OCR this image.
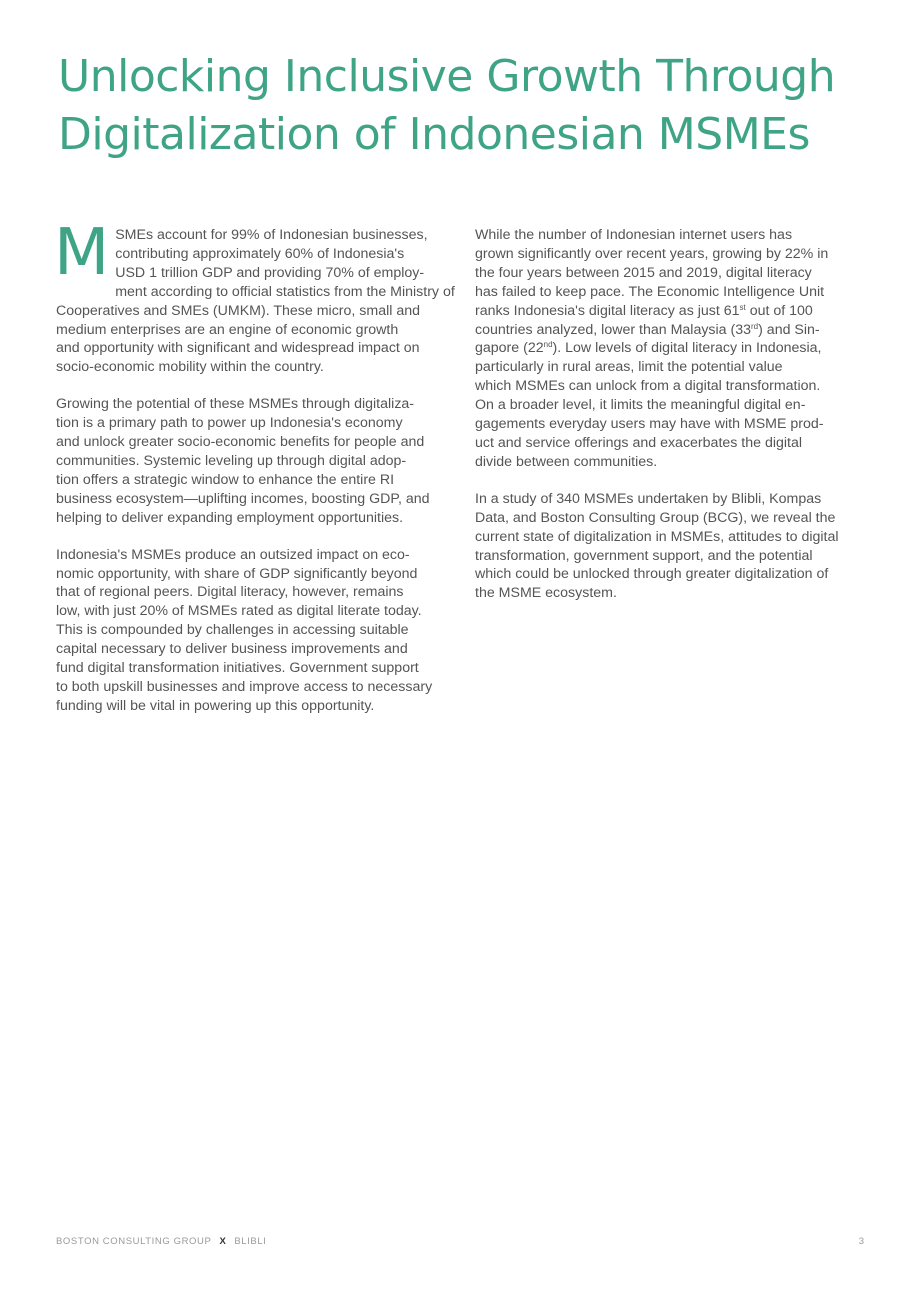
Unlocking Inclusive Growth Through
Digitalization of Indonesian MSMEs
M SMEs account for 99% of Indonesian businesses,
contributing approximately 60% of Indonesia's
USD 1 trillion GDP and providing 70% of employ-
ment according to official statistics from the Ministry of
Cooperatives and SMEs (UMKM). These micro, small and
medium enterprises are an engine of economic growth
and opportunity with significant and widespread impact on
socio-economic mobility within the country.
Growing the potential of these MSMEs through digitaliza-
tion is a primary path to power up Indonesia's economy
and unlock greater socio-economic benefits for people and
communities. Systemic leveling up through digital adop-
tion offers a strategic window to enhance the entire RI
business ecosystem—uplifting incomes, boosting GDP, and
helping to deliver expanding employment opportunities.
Indonesia's MSMEs produce an outsized impact on eco-
nomic opportunity, with share of GDP significantly beyond
that of regional peers. Digital literacy, however, remains
low, with just 20% of MSMEs rated as digital literate today.
This is compounded by challenges in accessing suitable
capital necessary to deliver business improvements and
fund digital transformation initiatives. Government support
to both upskill businesses and improve access to necessary
funding will be vital in powering up this opportunity.
While the number of Indonesian internet users has
grown significantly over recent years, growing by 22% in
the four years between 2015 and 2019, digital literacy
has failed to keep pace. The Economic Intelligence Unit
ranks Indonesia's digital literacy as just 61st out of 100
countries analyzed, lower than Malaysia (33rd) and Sin-
gapore (22nd). Low levels of digital literacy in Indonesia,
particularly in rural areas, limit the potential value
which MSMEs can unlock from a digital transformation.
On a broader level, it limits the meaningful digital en-
gagements everyday users may have with MSME prod-
uct and service offerings and exacerbates the digital
divide between communities.
In a study of 340 MSMEs undertaken by Blibli, Kompas
Data, and Boston Consulting Group (BCG), we reveal the
current state of digitalization in MSMEs, attitudes to digital
transformation, government support, and the potential
which could be unlocked through greater digitalization of
the MSME ecosystem.
BOSTON CONSULTING GROUP X BLIBLI	3
